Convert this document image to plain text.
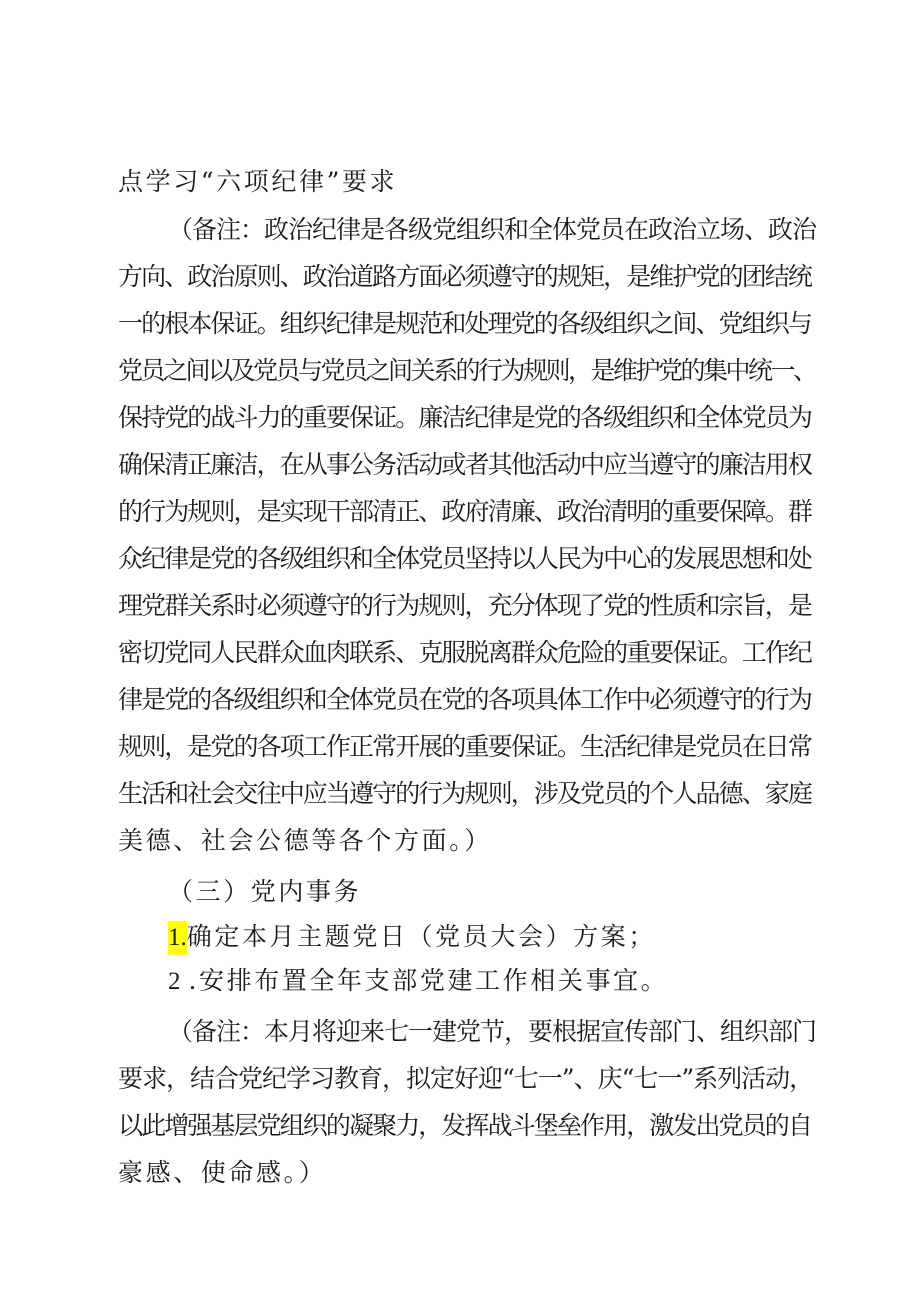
点学习“六项纪律”要求
（备注：政治纪律是各级党组织和全体党员在政治立场、政治
方向、政治原则、政治道路方面必须遵守的规矩，是维护党的团结统
一的根本保证。组织纪律是规范和处理党的各级组织之间、党组织与
党员之间以及党员与党员之间关系的行为规则，是维护党的集中统一、
保持党的战斗力的重要保证。廉洁纪律是党的各级组织和全体党员为
确保清正廉洁，在从事公务活动或者其他活动中应当遵守的廉洁用权
的行为规则，是实现干部清正、政府清廉、政治清明的重要保障。群
众纪律是党的各级组织和全体党员坚持以人民为中心的发展思想和处
理党群关系时必须遵守的行为规则，充分体现了党的性质和宗旨，是
密切党同人民群众血肉联系、克服脱离群众危险的重要保证。工作纪
律是党的各级组织和全体党员在党的各项具体工作中必须遵守的行为
规则，是党的各项工作正常开展的重要保证。生活纪律是党员在日常
生活和社会交往中应当遵守的行为规则，涉及党员的个人品德、家庭
美德、社会公德等各个方面。）
（三）党内事务
1.确定本月主题党日（党员大会）方案；
2 .安排布置全年支部党建工作相关事宜。
（备注：本月将迎来七一建党节，要根据宣传部门、组织部门
要求，结合党纪学习教育，拟定好迎“七一”、庆“七一”系列活动，
以此增强基层党组织的凝聚力，发挥战斗堡垒作用，激发出党员的自
豪感、使命感。）
